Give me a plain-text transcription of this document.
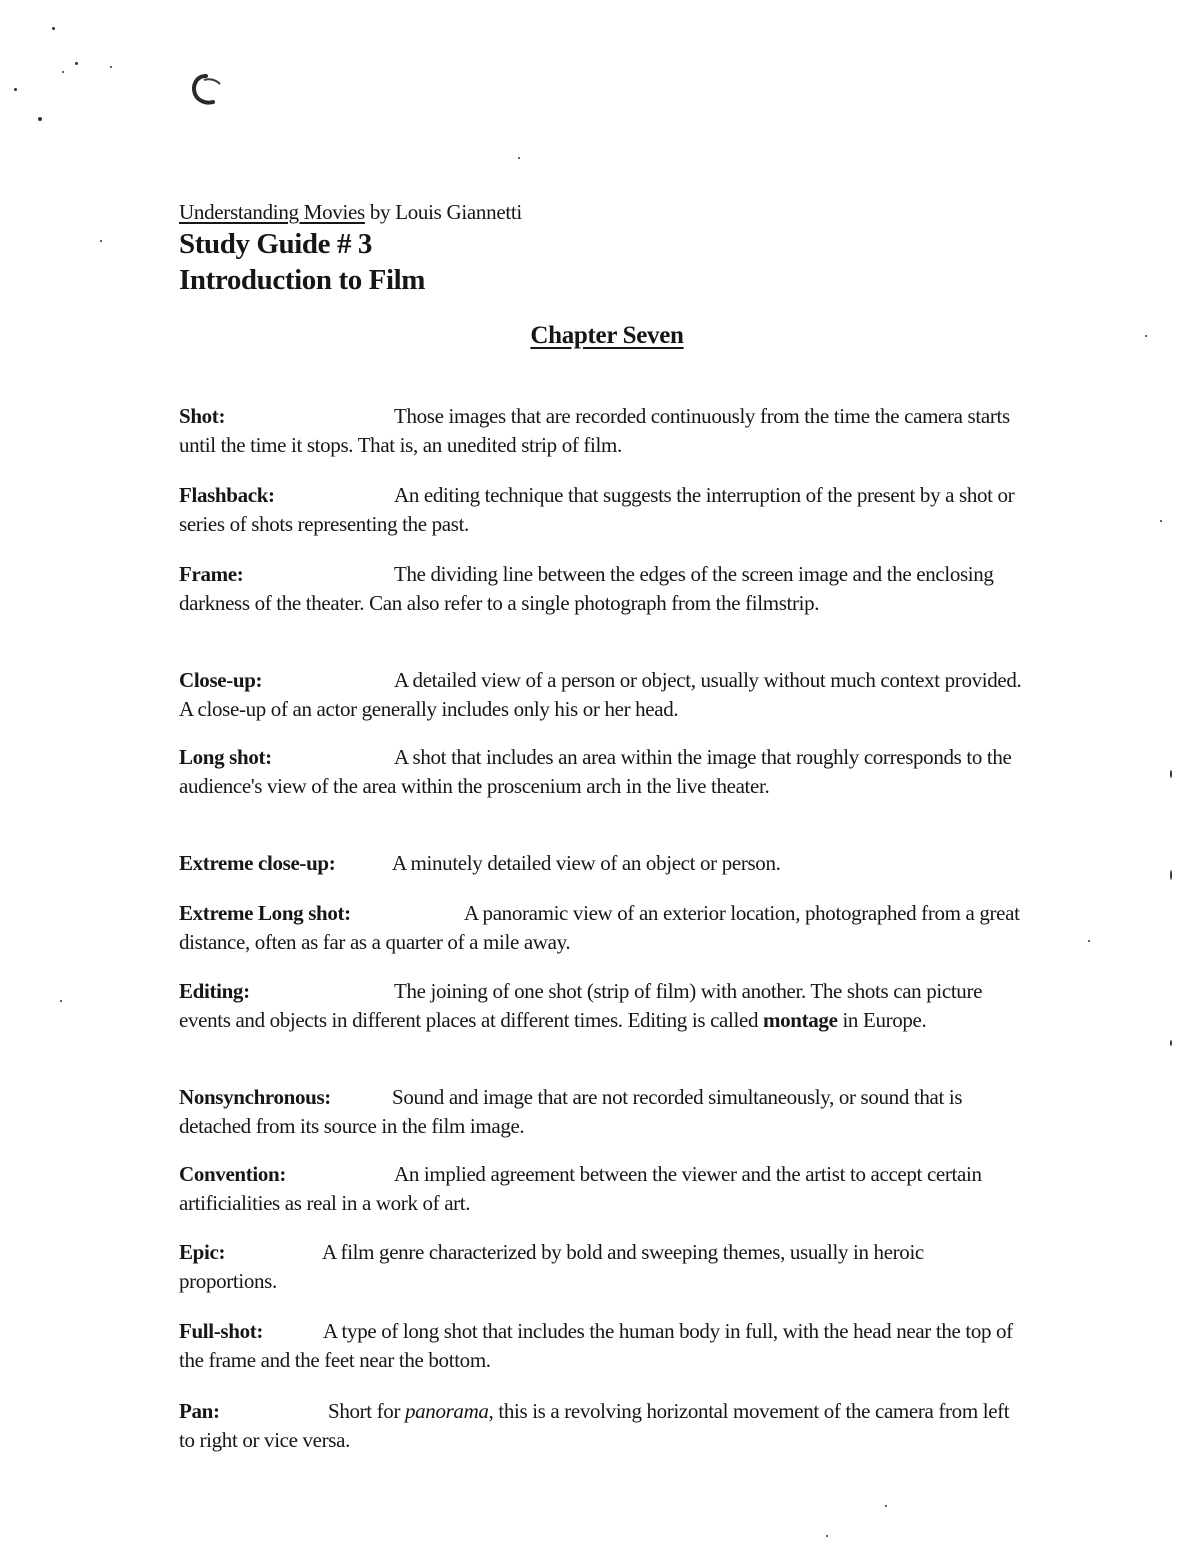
Understanding Movies by Louis Giannetti
Study Guide # 3
Introduction to Film
Chapter Seven
Shot:	Those images that are recorded continuously from the time the camera starts until the time it stops. That is, an unedited strip of film.
Flashback:	An editing technique that suggests the interruption of the present by a shot or series of shots representing the past.
Frame:	The dividing line between the edges of the screen image and the enclosing darkness of the theater. Can also refer to a single photograph from the filmstrip.
Close-up:	A detailed view of a person or object, usually without much context provided. A close-up of an actor generally includes only his or her head.
Long shot:	A shot that includes an area within the image that roughly corresponds to the audience's view of the area within the proscenium arch in the live theater.
Extreme close-up:	A minutely detailed view of an object or person.
Extreme Long shot:	A panoramic view of an exterior location, photographed from a great distance, often as far as a quarter of a mile away.
Editing:	The joining of one shot (strip of film) with another. The shots can picture events and objects in different places at different times. Editing is called montage in Europe.
Nonsynchronous:	Sound and image that are not recorded simultaneously, or sound that is detached from its source in the film image.
Convention:	An implied agreement between the viewer and the artist to accept certain artificialities as real in a work of art.
Epic:	A film genre characterized by bold and sweeping themes, usually in heroic proportions.
Full-shot:	A type of long shot that includes the human body in full, with the head near the top of the frame and the feet near the bottom.
Pan:	Short for panorama, this is a revolving horizontal movement of the camera from left to right or vice versa.
